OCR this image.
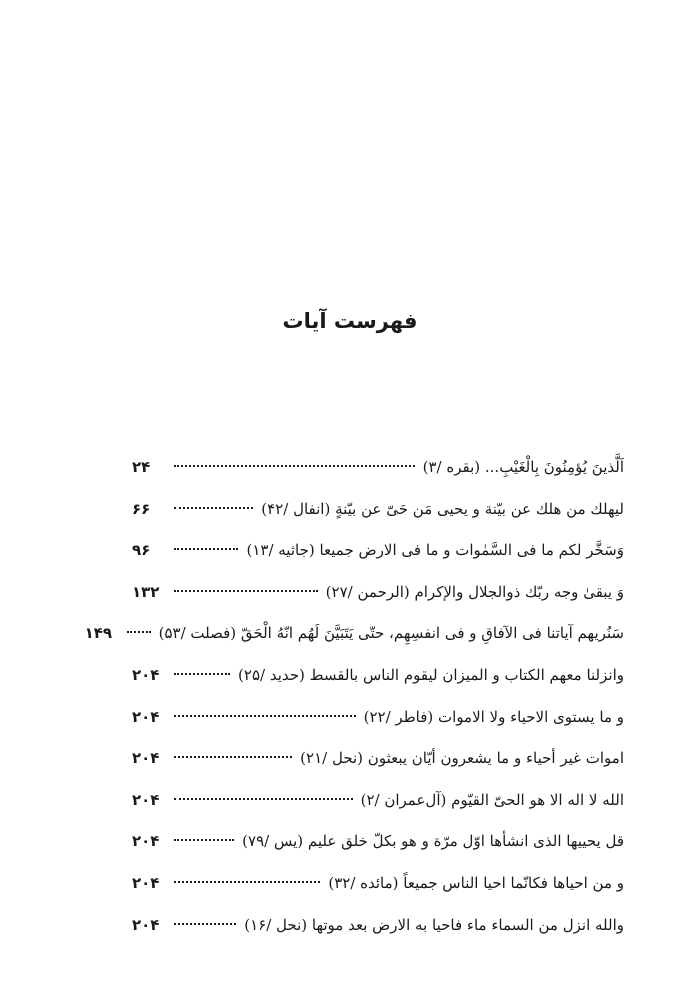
فهرست آیات
اَلَّذينَ يُؤمِنُونَ بِالْغَيْبِ... (بقره /۳)
۲۴
ليهلك من هلك عن بيّنة و يحيى مَن حَىّ عن بيّنةٍ (انفال /۴۲)
۶۶
وَسَخَّر لكم ما فى السَّمٰوات و ما فى الارض جميعا (جاثيه /۱۳)
۹۶
وَ يبقىٰ وجه ربّك ذوالجلال والإكرام (الرحمن /۲۷)
۱۳۲
سَنُريهم آياتنا فى الآفاقِ و فى انفسِهِم، حتّى يَتَبَيَّنَ لَهُم انّهُ الْحَقّ (فصلت /۵۳)
۱۴۹
وانزلنا معهم الكتاب و الميزان ليقوم الناس بالقسط (حديد /۲۵)
۲۰۴
و ما يستوى الاحياء ولا الاموات (فاطر /۲۲)
۲۰۴
اموات غير أحياء و ما يشعرون أيّان يبعثون (نحل /۲۱)
۲۰۴
الله لا اله الا هو الحىّ القيّوم (آل‌عمران /۲)
۲۰۴
قل يحييها الذى انشأها اوّل مرّة و هو بكلّ خلق عليم (يس /۷۹)
۲۰۴
و من احياها فكانّما احيا الناس جميعاً (مائده /۳۲)
۲۰۴
والله انزل من السماء ماء فاحيا به الارض بعد موتها (نحل /۱۶)
۲۰۴
